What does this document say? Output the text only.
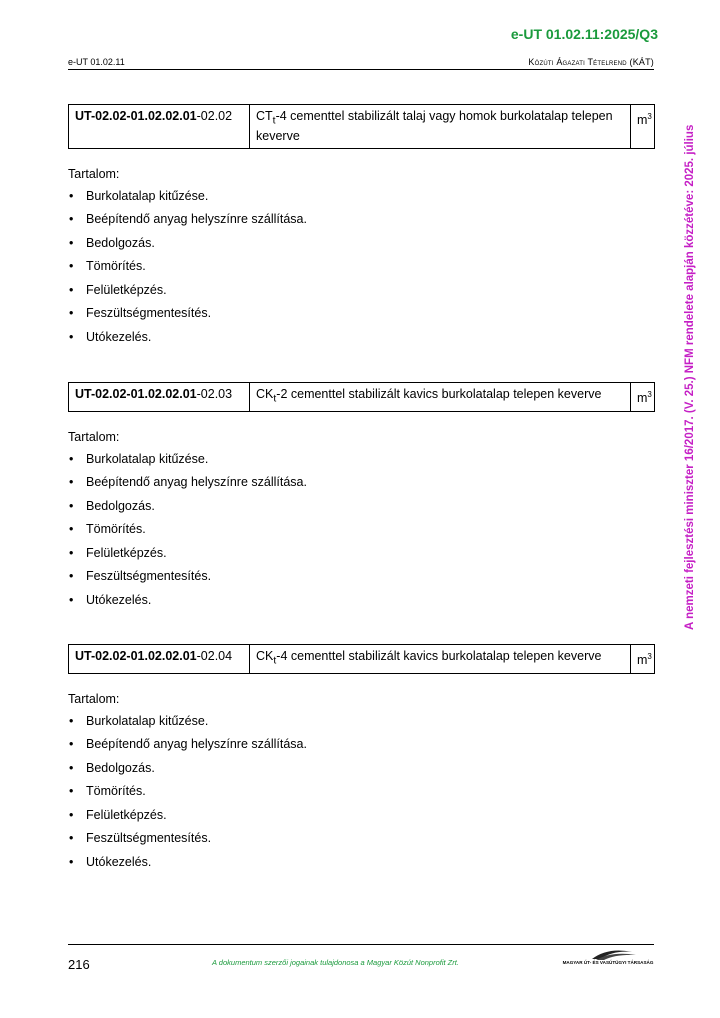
e-UT 01.02.11:2025/Q3
e-UT 01.02.11	Közúti Ágazati Tételrend (KÁT)
A nemzeti fejlesztési miniszter 16/2017. (V. 25.) NFM rendelete alapján közzétéve: 2025. július
UT-02.02-01.02.02.01-02.02	$CT_t-4$ cementtel stabilizált talaj vagy homok burkolatalap telepen keverve	$m^3$
Tartalom:
• Burkolatalap kitűzése.
• Beépítendő anyag helyszínre szállítása.
• Bedolgozás.
• Tömörítés.
• Felületképzés.
• Feszültségmentesítés.
• Utókezelés.
UT-02.02-01.02.02.01-02.03	$CK_t-2$ cementtel stabilizált kavics burkolatalap telepen keverve	$m^3$
Tartalom:
• Burkolatalap kitűzése.
• Beépítendő anyag helyszínre szállítása.
• Bedolgozás.
• Tömörítés.
• Felületképzés.
• Feszültségmentesítés.
• Utókezelés.
UT-02.02-01.02.02.01-02.04	$CK_t-4$ cementtel stabilizált kavics burkolatalap telepen keverve	$m^3$
Tartalom:
• Burkolatalap kitűzése.
• Beépítendő anyag helyszínre szállítása.
• Bedolgozás.
• Tömörítés.
• Felületképzés.
• Feszültségmentesítés.
• Utókezelés.
216	A dokumentum szerzői jogainak tulajdonosa a Magyar Közút Nonprofit Zrt.	MAGYAR ÚT- ÉS VASÚTÜGYI TÁRSASÁG
